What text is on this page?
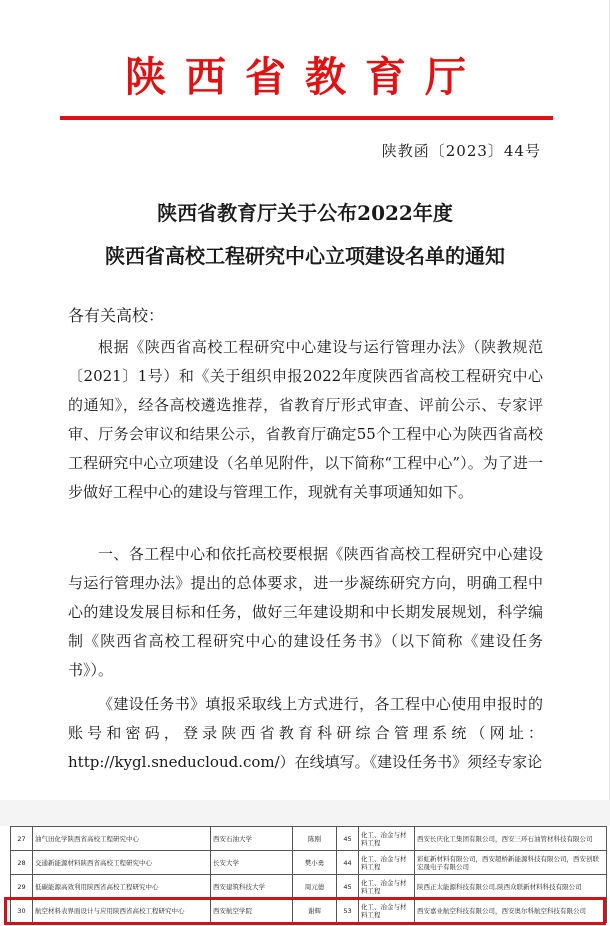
陕西省教育厅
陕教函〔2023〕44号
陕西省教育厅关于公布2022年度
陕西省高校工程研究中心立项建设名单的通知
各有关高校：
根据《陕西省高校工程研究中心建设与运行管理办法》（陕教规范〔2021〕1号）和《关于组织申报2022年度陕西省高校工程研究中心的通知》，经各高校遴选推荐，省教育厅形式审查、评前公示、专家评审、厅务会审议和结果公示，省教育厅确定55个工程中心为陕西省高校工程研究中心立项建设（名单见附件，以下简称“工程中心”）。为了进一步做好工程中心的建设与管理工作，现就有关事项通知如下。
一、各工程中心和依托高校要根据《陕西省高校工程研究中心建设与运行管理办法》提出的总体要求，进一步凝练研究方向，明确工程中心的建设发展目标和任务，做好三年建设期和中长期发展规划，科学编制《陕西省高校工程研究中心的建设任务书》（以下简称《建设任务书》）。
《建设任务书》填报采取线上方式进行，各工程中心使用申报时的账号和密码，登录陕西省教育科研综合管理系统（网址：http://kygl.sneducloud.com/）在线填写。《建设任务书》须经专家论
27	油气田化学陕西省高校工程研究中心	西安石油大学	陈刚	45	化工、冶金与材料工程	西安长庆化工集团有限公司，西安三环石油管材科技有限公司
28	交通新能源材料陕西省高校工程研究中心	长安大学	樊小勇	44	化工、冶金与材料工程	彩虹新材料有限公司，西安超桥新能源科技有限公司，西安创联宏晟电子有限公司
29	低碳能源高效利用陕西省高校工程研究中心	西安建筑科技大学	周元德	45	化工、冶金与材料工程	陕西正太能源科技有限公司,陕西众联新材料科技有限公司
30	航空材料表界面设计与应用陕西省高校工程研究中心	西安航空学院	谢辉	53	化工、冶金与材料工程	西安嘉业航空科技有限公司，西安奥尔科航空科技有限公司
